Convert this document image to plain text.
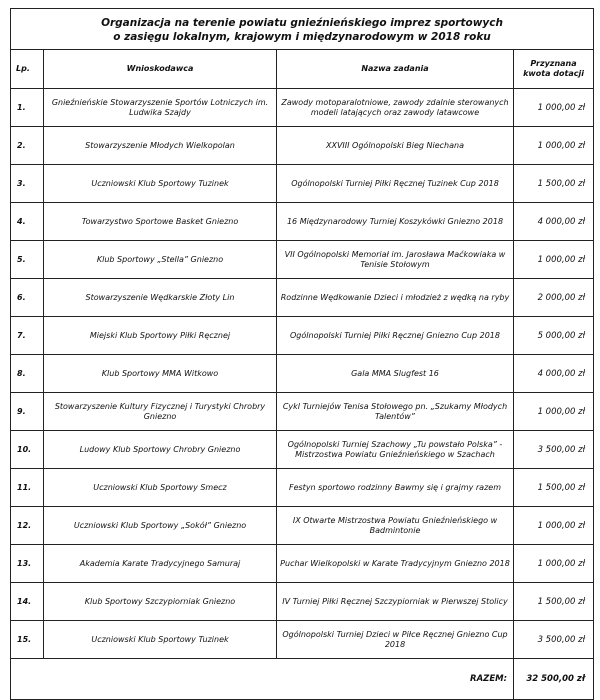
Organizacja na terenie powiatu gnieźnieńskiego imprez sportowych
o zasięgu lokalnym, krajowym i międzynarodowym w 2018 roku			

Lp.	Wnioskodawca	Nazwa zadania	Przyznana kwota dotacji
1.	Gnieźnieńskie Stowarzyszenie Sportów Lotniczych im. Ludwika Szajdy	Zawody motoparalotniowe, zawody zdalnie sterowanych modeli latających oraz zawody latawcowe	1 000,00 zł
2.	Stowarzyszenie Młodych Wielkopolan	XXVIII Ogólnopolski Bieg Niechana	1 000,00 zł
3.	Uczniowski Klub Sportowy Tuzinek	Ogólnopolski Turniej Piłki Ręcznej Tuzinek Cup 2018	1 500,00 zł
4.	Towarzystwo Sportowe Basket Gniezno	16 Międzynarodowy Turniej Koszykówki Gniezno 2018	4 000,00 zł
5.	Klub Sportowy „Stella” Gniezno	VII Ogólnopolski Memoriał im. Jarosława Maćkowiaka w Tenisie Stołowym	1 000,00 zł
6.	Stowarzyszenie Wędkarskie Złoty Lin	Rodzinne Wędkowanie Dzieci i młodzież z wędką na ryby	2 000,00 zł
7.	Miejski Klub Sportowy Piłki Ręcznej	Ogólnopolski Turniej Piłki Ręcznej Gniezno Cup 2018	5 000,00 zł
8.	Klub Sportowy MMA Witkowo	Gala MMA Slugfest 16	4 000,00 zł
9.	Stowarzyszenie Kultury Fizycznej i Turystyki Chrobry Gniezno	Cykl Turniejów Tenisa Stołowego pn. „Szukamy Młodych Talentów”	1 000,00 zł
10.	Ludowy Klub Sportowy Chrobry Gniezno	Ogólnopolski Turniej Szachowy „Tu powstało Polska” - Mistrzostwa Powiatu Gnieźnieńskiego w Szachach	3 500,00 zł
11.	Uczniowski Klub Sportowy Smecz	Festyn sportowo rodzinny Bawmy się i grajmy razem	1 500,00 zł
12.	Uczniowski Klub Sportowy „Sokół” Gniezno	IX Otwarte Mistrzostwa Powiatu Gnieźnieńskiego w Badmintonie	1 000,00 zł
13.	Akademia Karate Tradycyjnego Samuraj	Puchar Wielkopolski w Karate Tradycyjnym Gniezno 2018	1 000,00 zł
14.	Klub Sportowy Szczypiorniak Gniezno	IV Turniej Piłki Ręcznej Szczypiorniak w Pierwszej Stolicy	1 500,00 zł
15.	Uczniowski Klub Sportowy Tuzinek	Ogólnopolski Turniej Dzieci w Piłce Ręcznej Gniezno Cup 2018	3 500,00 zł
RAZEM:			32 500,00 zł
